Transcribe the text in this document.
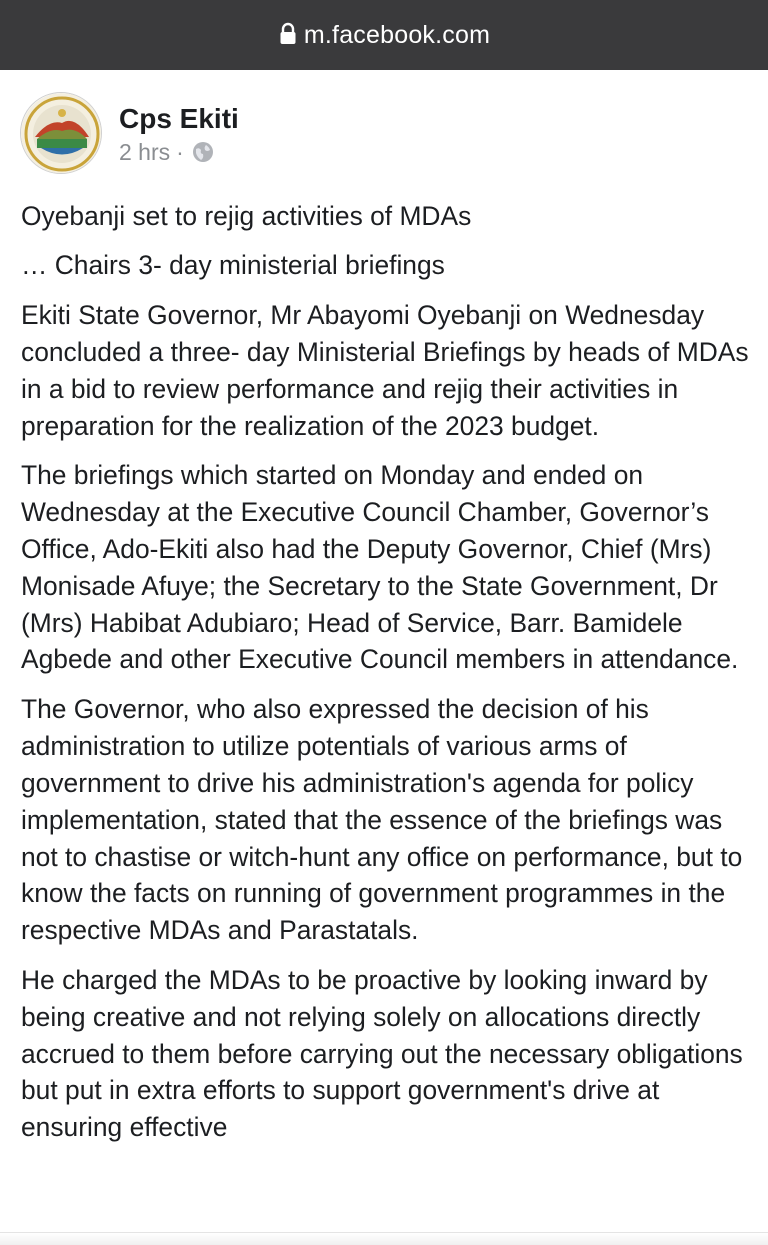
m.facebook.com
Cps Ekiti
2 hrs ·

Oyebanji set to rejig activities of MDAs

… Chairs 3- day ministerial briefings

Ekiti State Governor, Mr Abayomi Oyebanji on Wednesday concluded a three- day Ministerial Briefings by heads of MDAs in a bid to review performance and rejig their activities in preparation for the realization of the 2023 budget.

The briefings which started on Monday and ended on Wednesday at the Executive Council Chamber, Governor’s Office, Ado-Ekiti also had the Deputy Governor, Chief (Mrs) Monisade Afuye; the Secretary to the State Government, Dr (Mrs) Habibat Adubiaro; Head of Service, Barr. Bamidele Agbede and other Executive Council members in attendance.

The Governor, who also expressed the decision of his administration to utilize potentials of various arms of government to drive his administration's agenda for policy implementation, stated that the essence of the briefings was not to chastise or witch-hunt any office on performance, but to know the facts on running of government programmes in the respective MDAs and Parastatals.

He charged the MDAs to be proactive by looking inward by being creative and not relying solely on allocations directly accrued to them before carrying out the necessary obligations but put in extra efforts to support government's drive at ensuring effective
